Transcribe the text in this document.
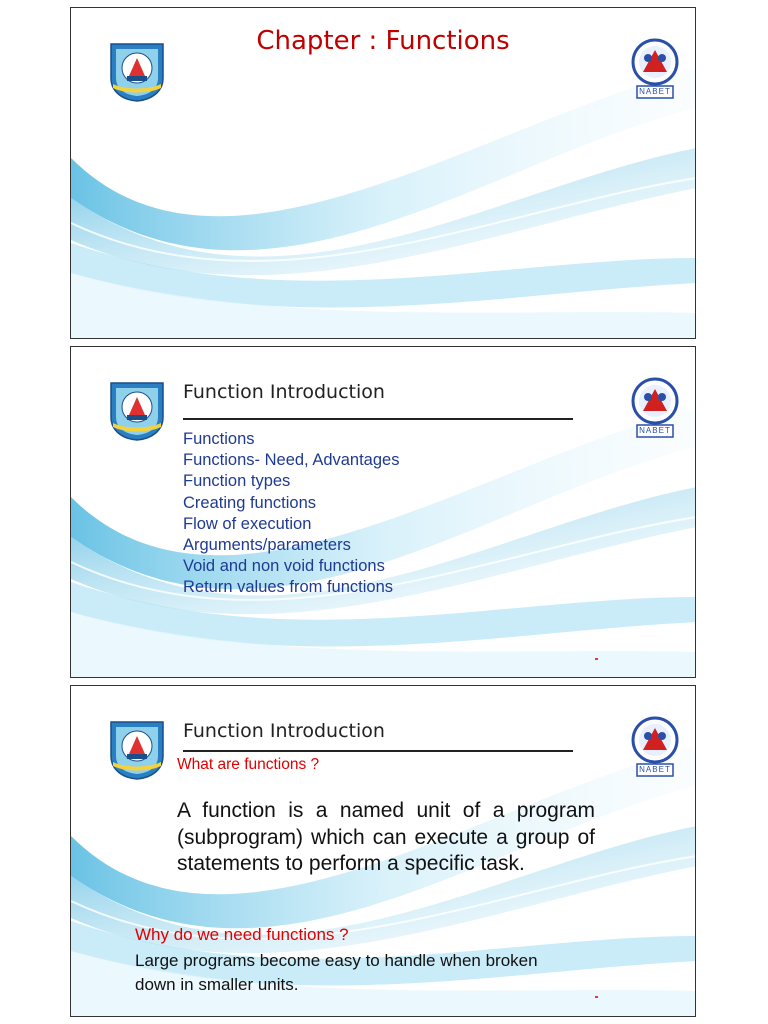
Chapter : Functions
NABET
Function Introduction
Functions
Functions- Need, Advantages
Function types
Creating functions
Flow of execution
Arguments/parameters
Void and non void functions
Return values from functions
NABET
Function Introduction
What are functions ?
A function is a named unit of a program (subprogram) which can execute a group of statements to perform a specific task.
Why do we need functions ?
Large programs become easy to handle when broken down in smaller units.
NABET
